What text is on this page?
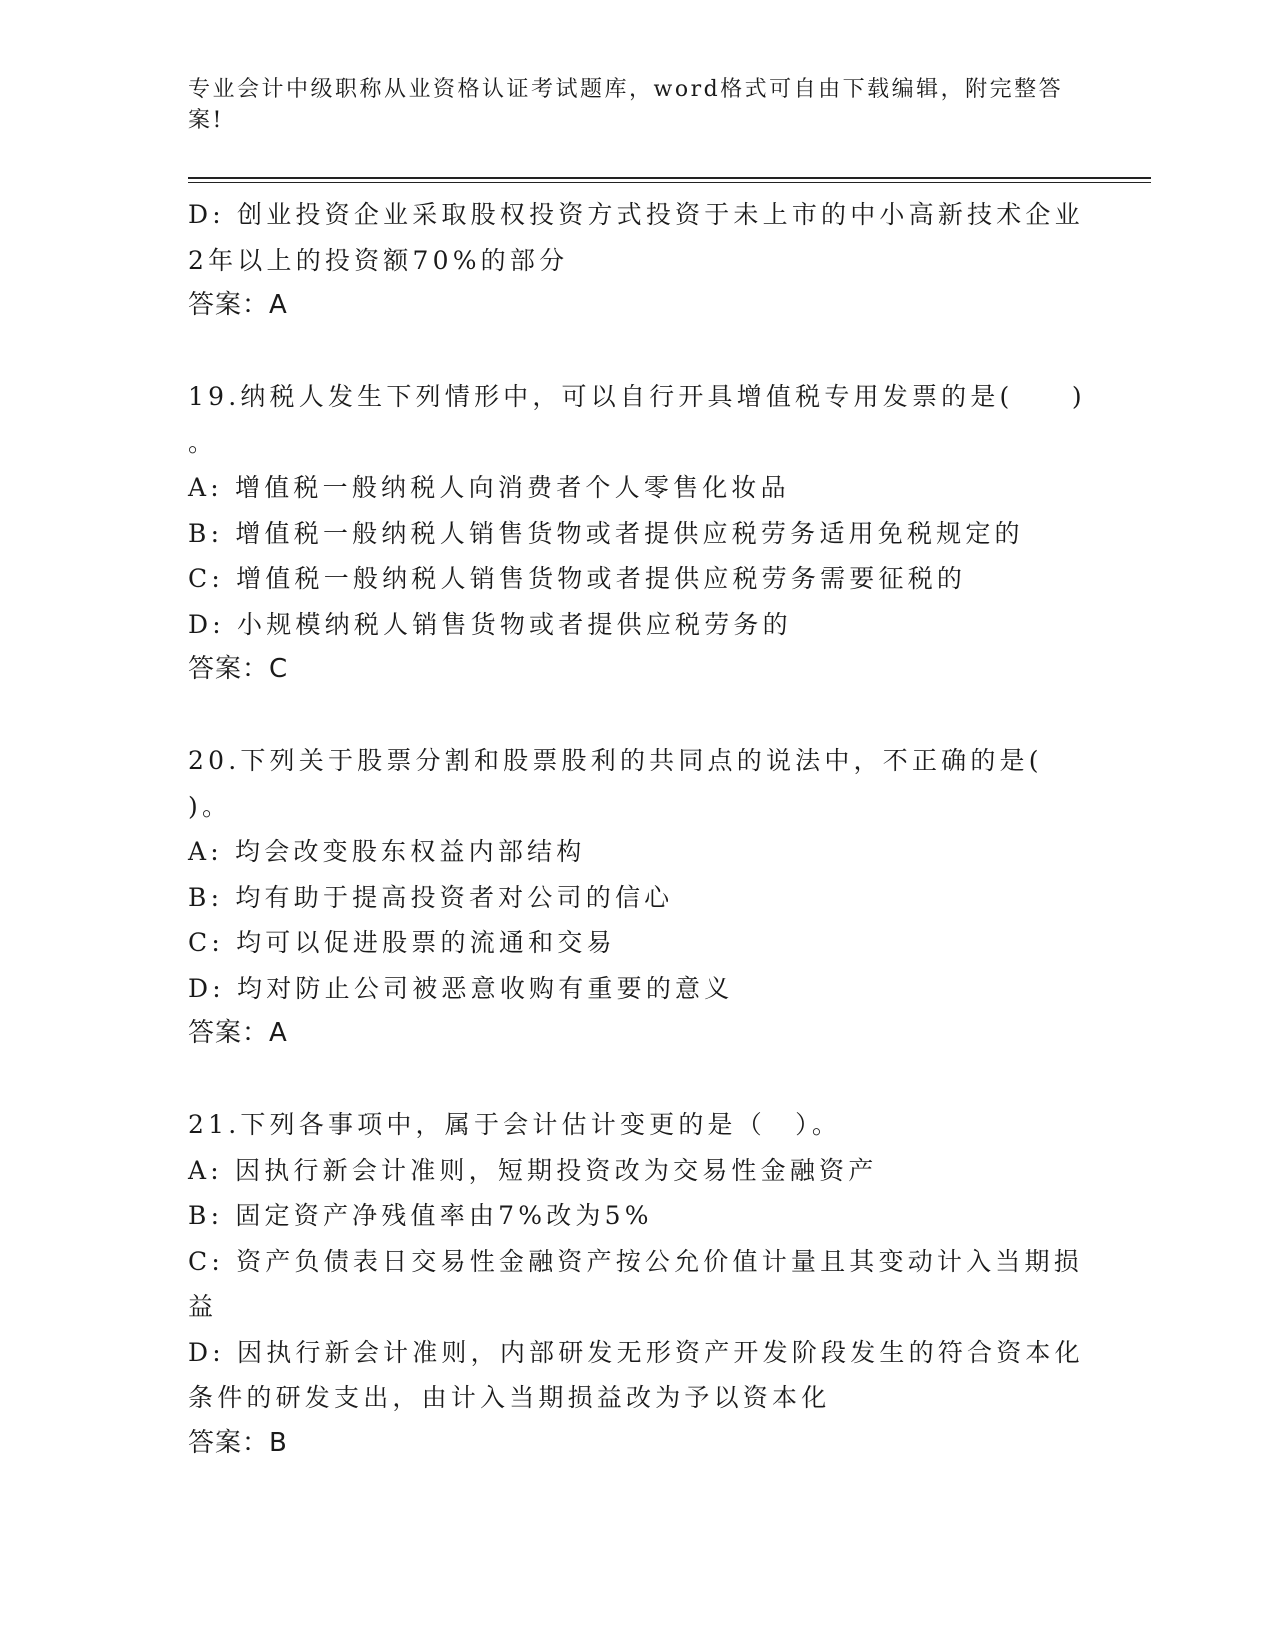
专业会计中级职称从业资格认证考试题库，word格式可自由下载编辑，附完整答
案!
D: 创业投资企业采取股权投资方式投资于未上市的中小高新技术企业
2年以上的投资额70%的部分
答案：A
19.纳税人发生下列情形中，可以自行开具增值税专用发票的是(　　)
。
A: 增值税一般纳税人向消费者个人零售化妆品
B: 增值税一般纳税人销售货物或者提供应税劳务适用免税规定的
C: 增值税一般纳税人销售货物或者提供应税劳务需要征税的
D: 小规模纳税人销售货物或者提供应税劳务的
答案：C
20.下列关于股票分割和股票股利的共同点的说法中，不正确的是(
)。
A: 均会改变股东权益内部结构
B: 均有助于提高投资者对公司的信心
C: 均可以促进股票的流通和交易
D: 均对防止公司被恶意收购有重要的意义
答案：A
21.下列各事项中，属于会计估计变更的是（　）。
A: 因执行新会计准则，短期投资改为交易性金融资产
B: 固定资产净残值率由7%改为5%
C: 资产负债表日交易性金融资产按公允价值计量且其变动计入当期损
益
D: 因执行新会计准则，内部研发无形资产开发阶段发生的符合资本化
条件的研发支出，由计入当期损益改为予以资本化
答案：B
